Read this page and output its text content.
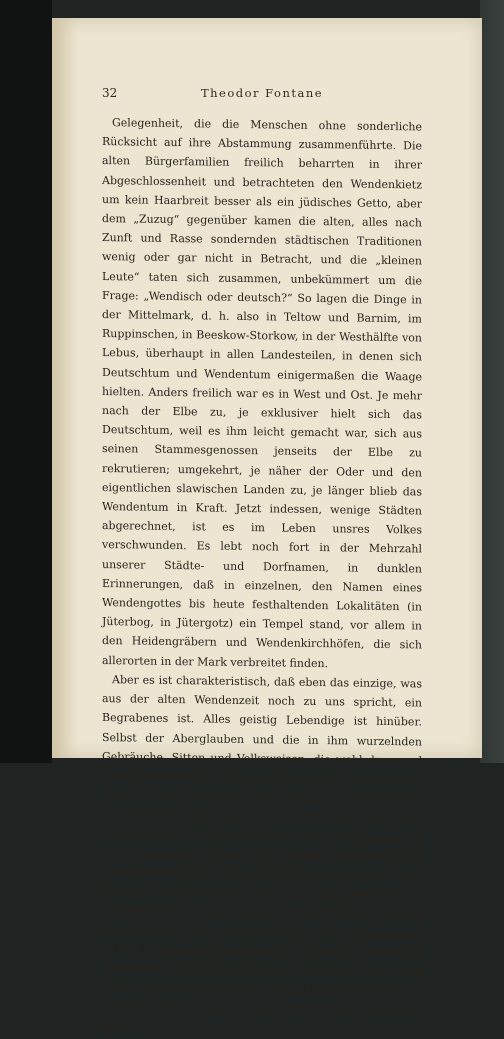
32	Theodor Fontane

Gelegenheit, die die Menschen ohne sonderliche Rücksicht auf ihre Abstammung zusammenführte. Die alten Bürgerfamilien freilich beharrten in ihrer Abgeschlossenheit und betrachteten den Wendenkietz um kein Haarbreit besser als ein jüdisches Getto, aber dem „Zuzug“ gegenüber kamen die alten, alles nach Zunft und Rasse sondernden städtischen Traditionen wenig oder gar nicht in Betracht, und die „kleinen Leute“ taten sich zusammen, unbekümmert um die Frage: „Wendisch oder deutsch?“ So lagen die Dinge in der Mittelmark, d. h. also in Teltow und Barnim, im Ruppinschen, in Beeskow-Storkow, in der Westhälfte von Lebus, überhaupt in allen Landesteilen, in denen sich Deutschtum und Wendentum einigermaßen die Waage hielten. Anders freilich war es in West und Ost. Je mehr nach der Elbe zu, je exklusiver hielt sich das Deutschtum, weil es ihm leicht gemacht war, sich aus seinen Stammesgenossen jenseits der Elbe zu rekrutieren; umgekehrt, je näher der Oder und den eigentlichen slawischen Landen zu, je länger blieb das Wendentum in Kraft. Jetzt indessen, wenige Städten abgerechnet, ist es im Leben unsres Volkes verschwunden. Es lebt noch fort in der Mehrzahl unserer Städte- und Dorfnamen, in dunklen Erinnerungen, daß in einzelnen, den Namen eines Wendengottes bis heute festhaltenden Lokalitäten (in Jüterbog, in Jütergotz) ein Tempel stand, vor allem in den Heidengräbern und Wendenkirchhöfen, die sich allerorten in der Mark verbreitet finden.

Aber es ist charakteristisch, daß eben das einzige, was aus der alten Wendenzeit noch zu uns spricht, ein Begrabenes ist. Alles geistig Lebendige ist hinüber. Selbst der Aberglauben und die in ihm wurzelnden Gebräuche, Sitten und Volksweisen, die wohl dann und wann für wendische Überreste gehalten worden sind, lassen sich vielfach auf etwas Urgermanisches zurückführen, das auch vor den Wenden schon hier heimisch war. Mit Sicherheit lebt noch Altdeutsches in den Gemütern, und das Volk erzählt von Wodan und Fricke (Freia) und von dem Hackelberger Jäger. Aber Radigast und Czernebog sind tot. Das Wendische ist weggewischt, untergegangen in dem Stärkern, in dem germanischen Leben und Gemüt, und nur am Rande der Oder hin, den polnisch-slawischen Landen zu, zeigt sich jezuweilen neben dem slawisch Heiteren auch noch jener auf Hartnäckigkeit und Verschlossenheit deutende finstere Zug, der an die alte Zeit und ihre Bewohner mahnt.
